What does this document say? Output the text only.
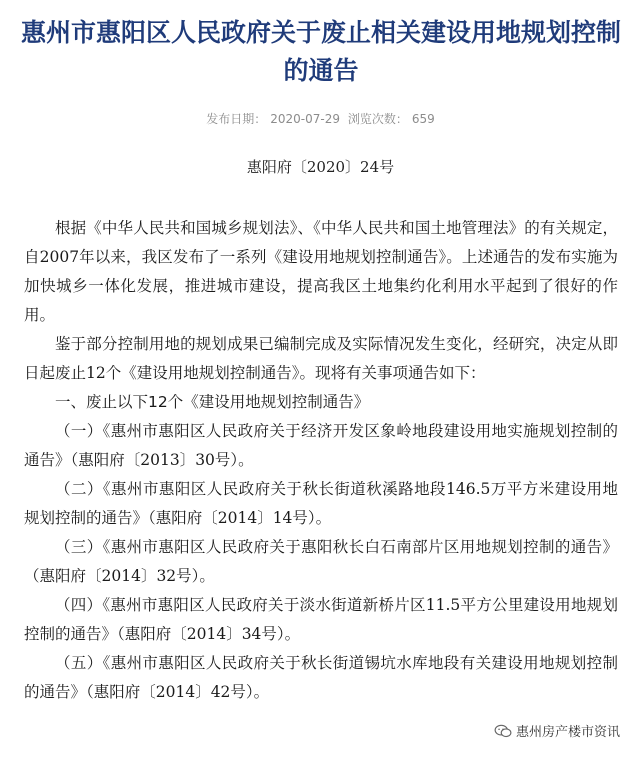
惠州市惠阳区人民政府关于废止相关建设用地规划控制的通告
发布日期： 2020-07-29 浏览次数： 659
惠阳府〔2020〕24号

根据《中华人民共和国城乡规划法》、《中华人民共和国土地管理法》的有关规定，自2007年以来，我区发布了一系列《建设用地规划控制通告》。上述通告的发布实施为加快城乡一体化发展，推进城市建设，提高我区土地集约化利用水平起到了很好的作用。

鉴于部分控制用地的规划成果已编制完成及实际情况发生变化，经研究，决定从即日起废止12个《建设用地规划控制通告》。现将有关事项通告如下：

一、废止以下12个《建设用地规划控制通告》

（一）《惠州市惠阳区人民政府关于经济开发区象岭地段建设用地实施规划控制的通告》（惠阳府〔2013〕30号）。

（二）《惠州市惠阳区人民政府关于秋长街道秋溪路地段146.5万平方米建设用地规划控制的通告》（惠阳府〔2014〕14号）。

（三）《惠州市惠阳区人民政府关于惠阳秋长白石南部片区用地规划控制的通告》（惠阳府〔2014〕32号）。

（四）《惠州市惠阳区人民政府关于淡水街道新桥片区11.5平方公里建设用地规划控制的通告》（惠阳府〔2014〕34号）。

（五）《惠州市惠阳区人民政府关于秋长街道锡坑水库地段有关建设用地规划控制的通告》（惠阳府〔2014〕42号）。

惠州房产楼市资讯
